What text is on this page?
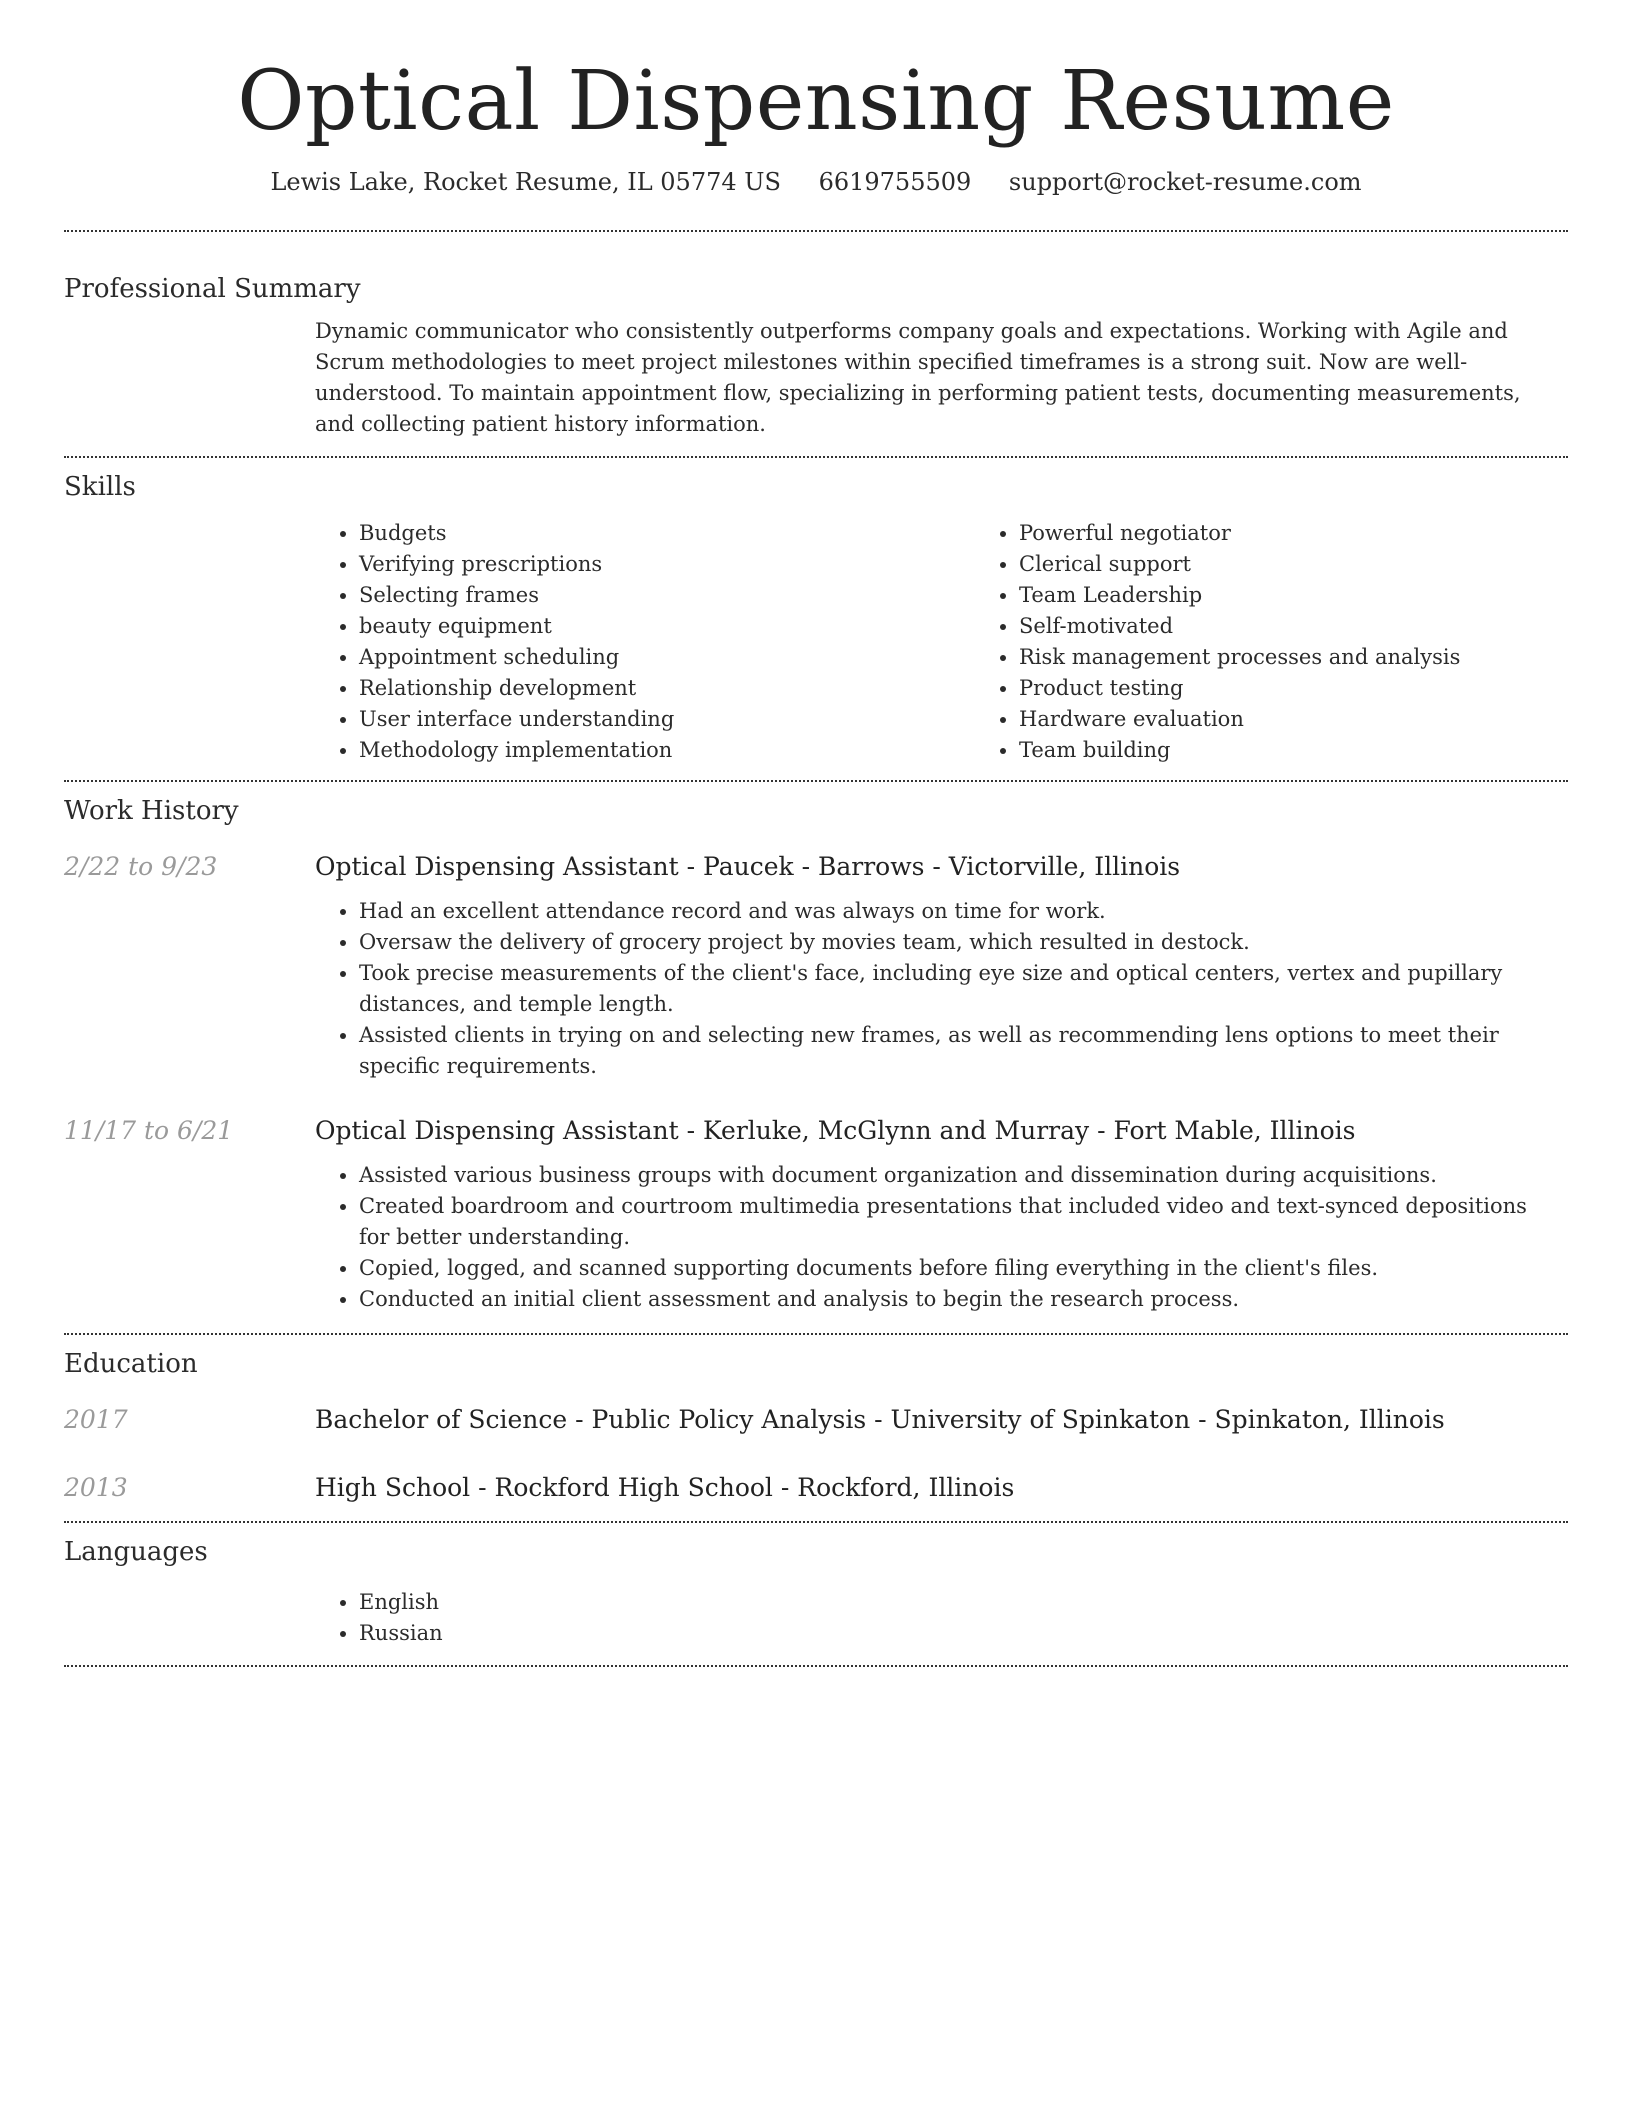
Optical Dispensing Resume
Lewis Lake, Rocket Resume, IL 05774 US 6619755509 support@rocket-resume.com
Professional Summary
Dynamic communicator who consistently outperforms company goals and expectations. Working with Agile and Scrum methodologies to meet project milestones within specified timeframes is a strong suit. Now are well-understood. To maintain appointment flow, specializing in performing patient tests, documenting measurements, and collecting patient history information.
Skills
• Budgets
• Verifying prescriptions
• Selecting frames
• beauty equipment
• Appointment scheduling
• Relationship development
• User interface understanding
• Methodology implementation
• Powerful negotiator
• Clerical support
• Team Leadership
• Self-motivated
• Risk management processes and analysis
• Product testing
• Hardware evaluation
• Team building
Work History
2/22 to 9/23	Optical Dispensing Assistant - Paucek - Barrows - Victorville, Illinois
• Had an excellent attendance record and was always on time for work.
• Oversaw the delivery of grocery project by movies team, which resulted in destock.
• Took precise measurements of the client's face, including eye size and optical centers, vertex and pupillary distances, and temple length.
• Assisted clients in trying on and selecting new frames, as well as recommending lens options to meet their specific requirements.
11/17 to 6/21	Optical Dispensing Assistant - Kerluke, McGlynn and Murray - Fort Mable, Illinois
• Assisted various business groups with document organization and dissemination during acquisitions.
• Created boardroom and courtroom multimedia presentations that included video and text-synced depositions for better understanding.
• Copied, logged, and scanned supporting documents before filing everything in the client's files.
• Conducted an initial client assessment and analysis to begin the research process.
Education
2017	Bachelor of Science - Public Policy Analysis - University of Spinkaton - Spinkaton, Illinois
2013	High School - Rockford High School - Rockford, Illinois
Languages
• English
• Russian
